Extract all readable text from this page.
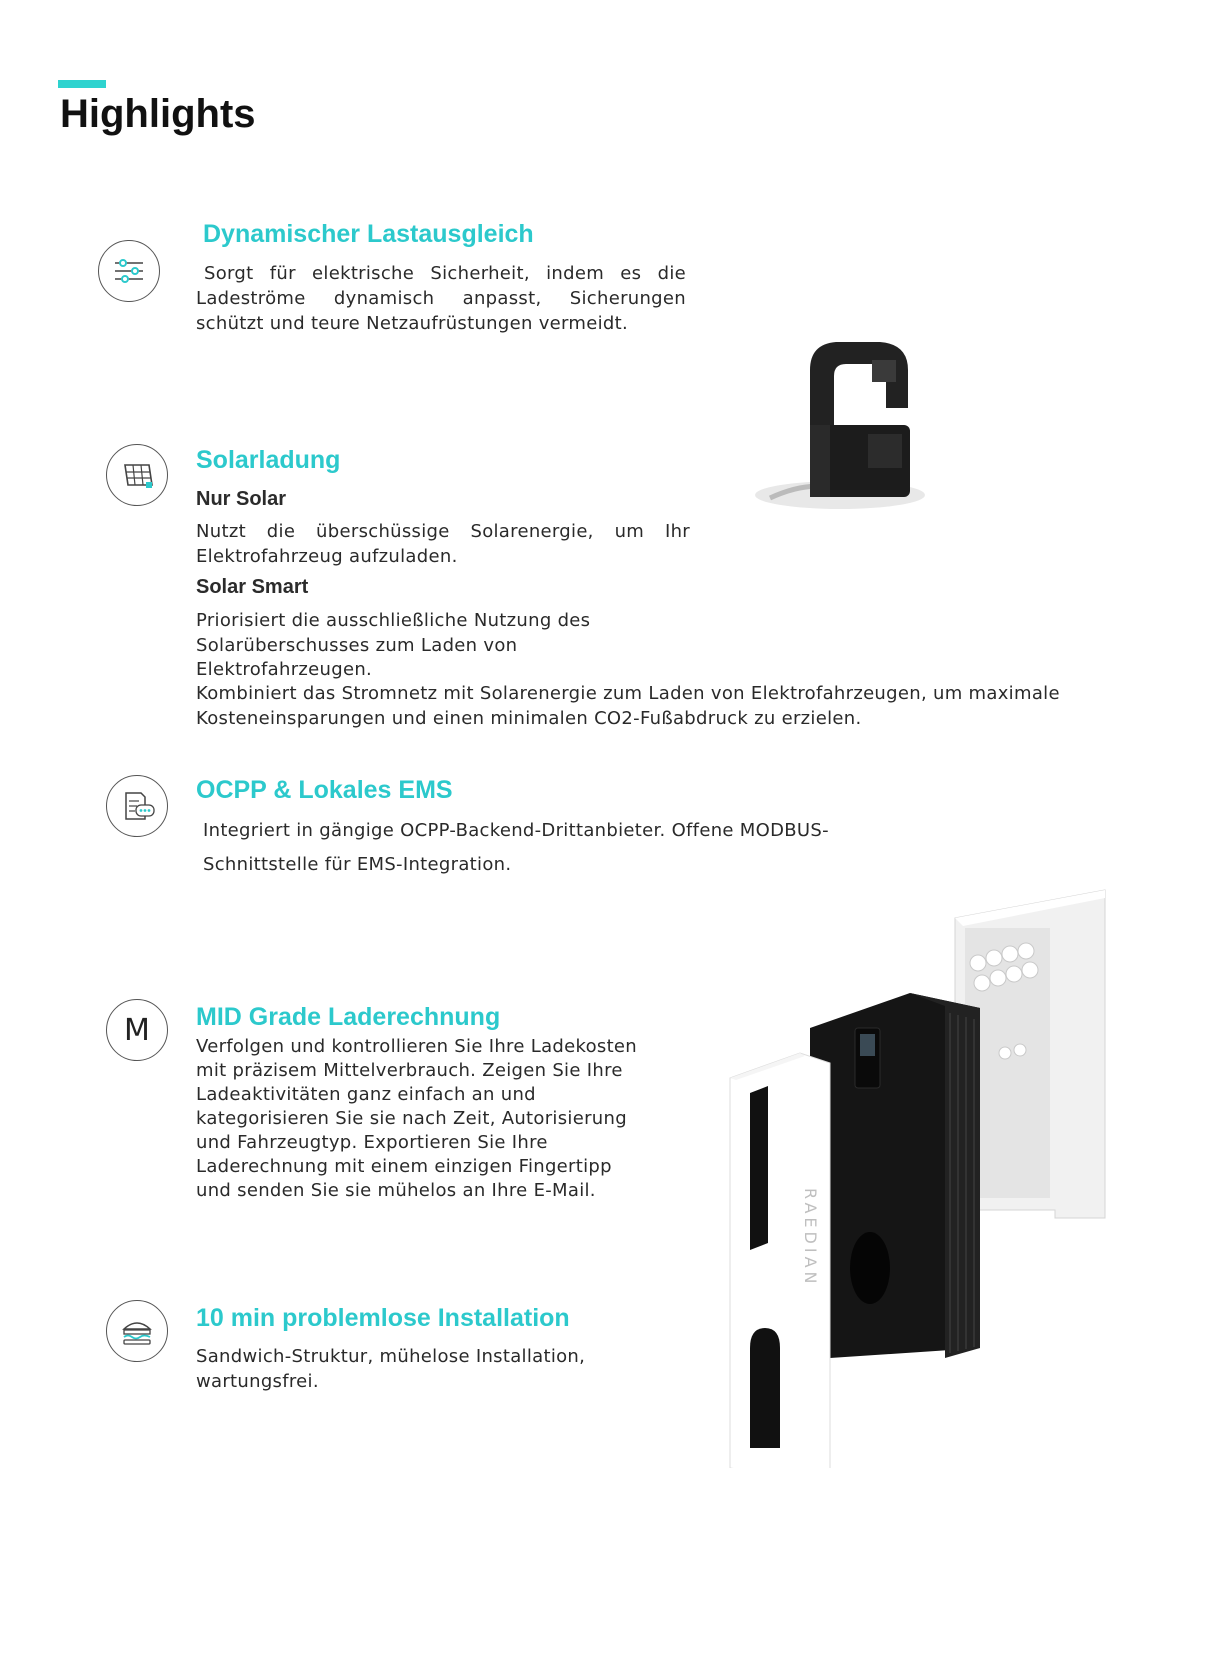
Highlights
Dynamischer Lastausgleich

Sorgt für elektrische Sicherheit, indem es die Ladeströme dynamisch anpasst, Sicherungen schützt und teure Netzaufrüstungen vermeidt.

Solarladung
Nur Solar

Nutzt die überschüssige Solarenergie, um Ihr Elektrofahrzeug aufzuladen.

Solar Smart

Priorisiert die ausschließliche Nutzung des

Solarüberschusses zum Laden von

Elektrofahrzeugen.

Kombiniert das Stromnetz mit Solarenergie zum Laden von Elektrofahrzeugen, um maximale

Kosteneinsparungen und einen minimalen CO2-Fußabdruck zu erzielen.

OCPP & Lokales EMS

Integriert in gängige OCPP-Backend-Drittanbieter. Offene MODBUS-

Schnittstelle für EMS-Integration.

RAEDIAN
M MID Grade Laderechnung

Verfolgen und kontrollieren Sie Ihre Ladekosten

mit präzisem Mittelverbrauch. Zeigen Sie Ihre

Ladeaktivitäten ganz einfach an und

kategorisieren Sie sie nach Zeit, Autorisierung

und Fahrzeugtyp. Exportieren Sie Ihre

Laderechnung mit einem einzigen Fingertipp

und senden Sie sie mühelos an Ihre E-Mail.

10 min problemlose Installation

Sandwich-Struktur, mühelose Installation, wartungsfrei.
